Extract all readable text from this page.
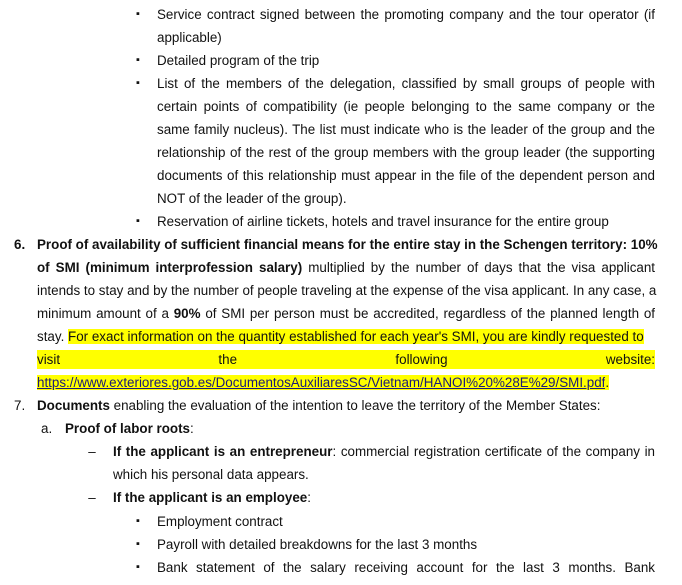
▪ Service contract signed between the promoting company and the tour operator (if
applicable)
▪ Detailed program of the trip
▪ List of the members of the delegation, classified by small groups of people with
certain points of compatibility (ie people belonging to the same company or the
same family nucleus). The list must indicate who is the leader of the group and the
relationship of the rest of the group members with the group leader (the supporting
documents of this relationship must appear in the file of the dependent person and
NOT of the leader of the group).
▪ Reservation of airline tickets, hotels and travel insurance for the entire group
6. Proof of availability of sufficient financial means for the entire stay in the Schengen territory: 10%
of SMI (minimum interprofession salary) multiplied by the number of days that the visa applicant
intends to stay and by the number of people traveling at the expense of the visa applicant. In any case, a
minimum amount of a 90% of SMI per person must be accredited, regardless of the planned length of
stay. For exact information on the quantity established for each year's SMI, you are kindly requested to
visit	the	following	website:
https://www.exteriores.gob.es/DocumentosAuxiliaresSC/Vietnam/HANOI%20%28E%29/SMI.pdf.
7. Documents enabling the evaluation of the intention to leave the territory of the Member States:
a. Proof of labor roots:
– If the applicant is an entrepreneur: commercial registration certificate of the company in
which his personal data appears.
– If the applicant is an employee:
▪ Employment contract
▪ Payroll with detailed breakdowns for the last 3 months
▪ Bank statement of the salary receiving account for the last 3 months. Bank
